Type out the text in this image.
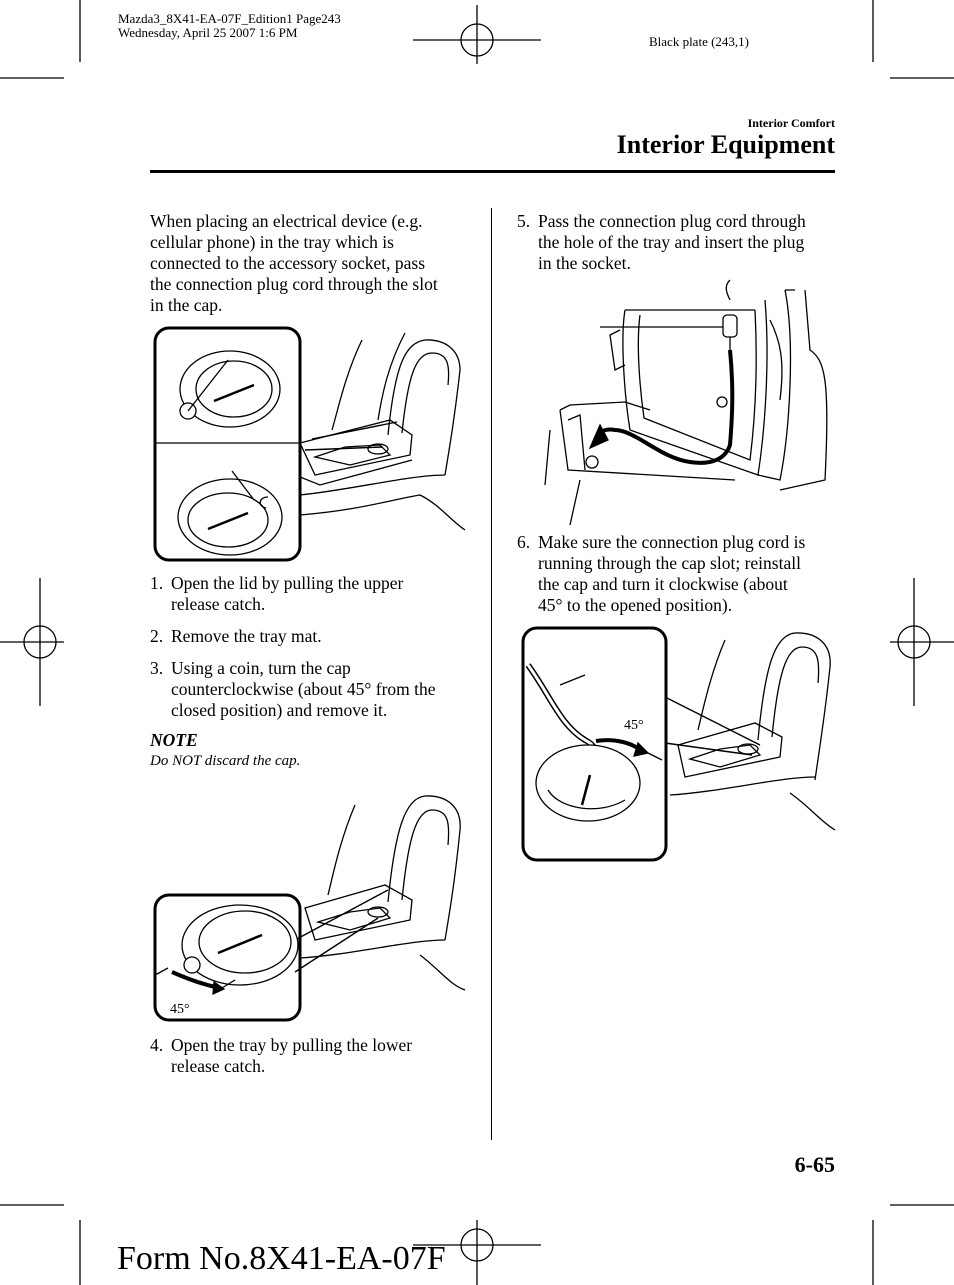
Mazda3_8X41-EA-07F_Edition1 Page243
Wednesday, April 25 2007 1:6 PM
Black plate (243,1)
Interior Comfort
Interior Equipment
When placing an electrical device (e.g.
cellular phone) in the tray which is
connected to the accessory socket, pass
the connection plug cord through the slot
in the cap.
1. Open the lid by pulling the upper
release catch.
2. Remove the tray mat.
3. Using a coin, turn the cap
counterclockwise (about 45° from the
closed position) and remove it.
NOTE
Do NOT discard the cap.
45°
4. Open the tray by pulling the lower
release catch.
5. Pass the connection plug cord through
the hole of the tray and insert the plug
in the socket.
6. Make sure the connection plug cord is
running through the cap slot; reinstall
the cap and turn it clockwise (about
45° to the opened position).
45°
6-65
Form No.8X41-EA-07F
